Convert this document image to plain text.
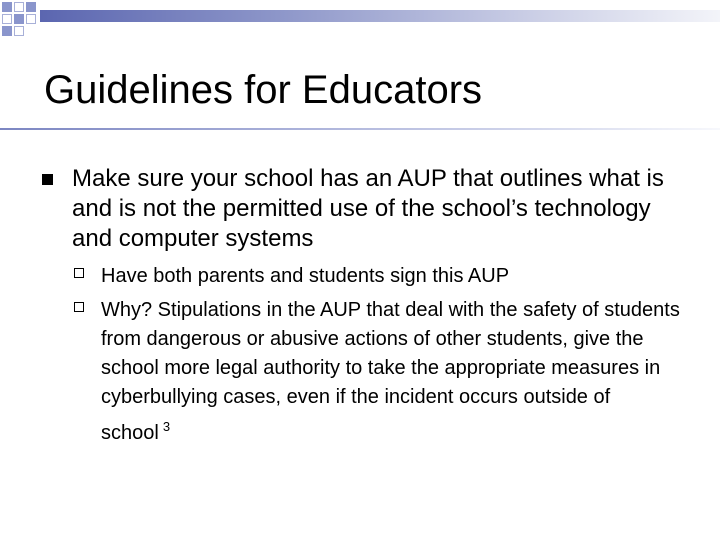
Guidelines for Educators
Make sure your school has an AUP that outlines what is and is not the permitted use of the school’s technology and computer systems
Have both parents and students sign this AUP
Why? Stipulations in the AUP that deal with the safety of students from dangerous or abusive actions of other students, give the school more legal authority to take the appropriate measures in cyberbullying cases, even if the incident occurs outside of school $^3$
